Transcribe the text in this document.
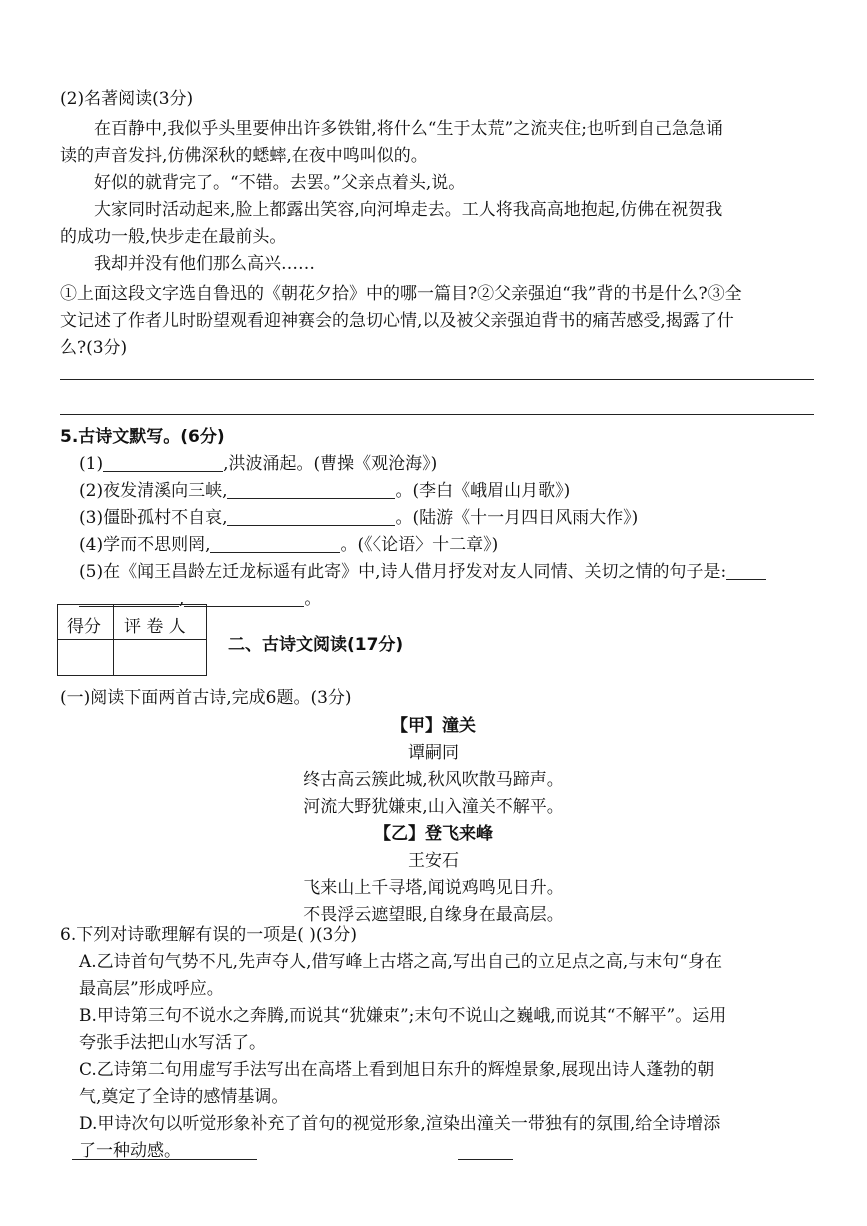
(2)名著阅读(3分)
在百静中,我似乎头里要伸出许多铁钳,将什么“生于太荒”之流夹住;也听到自己急急诵
读的声音发抖,仿佛深秋的蟋蟀,在夜中鸣叫似的。
好似的就背完了。“不错。去罢。”父亲点着头,说。
大家同时活动起来,脸上都露出笑容,向河埠走去。工人将我高高地抱起,仿佛在祝贺我
的成功一般,快步走在最前头。
我却并没有他们那么高兴……
①上面这段文字选自鲁迅的《朝花夕拾》中的哪一篇目?②父亲强迫“我”背的书是什么?③全
文记述了作者儿时盼望观看迎神赛会的急切心情,以及被父亲强迫背书的痛苦感受,揭露了什
么?(3分)
5.古诗文默写。(6分)
(1)	,洪波涌起。(曹操《观沧海》)
(2)夜发清溪向三峡,	。(李白《峨眉山月歌》)
(3)僵卧孤村不自哀,	。(陆游《十一月四日风雨大作》)
(4)学而不思则罔,	。(《〈论语〉十二章》)
(5)在《闻王昌龄左迁龙标遥有此寄》中,诗人借月抒发对友人同情、关切之情的句子是:
,	。
得分 评 卷 人
二、古诗文阅读(17分)
(一)阅读下面两首古诗,完成6题。(3分)
【甲】潼关
谭嗣同
终古高云簇此城,秋风吹散马蹄声。
河流大野犹嫌束,山入潼关不解平。
【乙】登飞来峰
王安石
飞来山上千寻塔,闻说鸡鸣见日升。
不畏浮云遮望眼,自缘身在最高层。
6.下列对诗歌理解有误的一项是( )(3分)
A.乙诗首句气势不凡,先声夺人,借写峰上古塔之高,写出自己的立足点之高,与末句“身在
最高层”形成呼应。
B.甲诗第三句不说水之奔腾,而说其“犹嫌束”;末句不说山之巍峨,而说其“不解平”。运用
夸张手法把山水写活了。
C.乙诗第二句用虚写手法写出在高塔上看到旭日东升的辉煌景象,展现出诗人蓬勃的朝
气,奠定了全诗的感情基调。
D.甲诗次句以听觉形象补充了首句的视觉形象,渲染出潼关一带独有的氛围,给全诗增添
了一种动感。
